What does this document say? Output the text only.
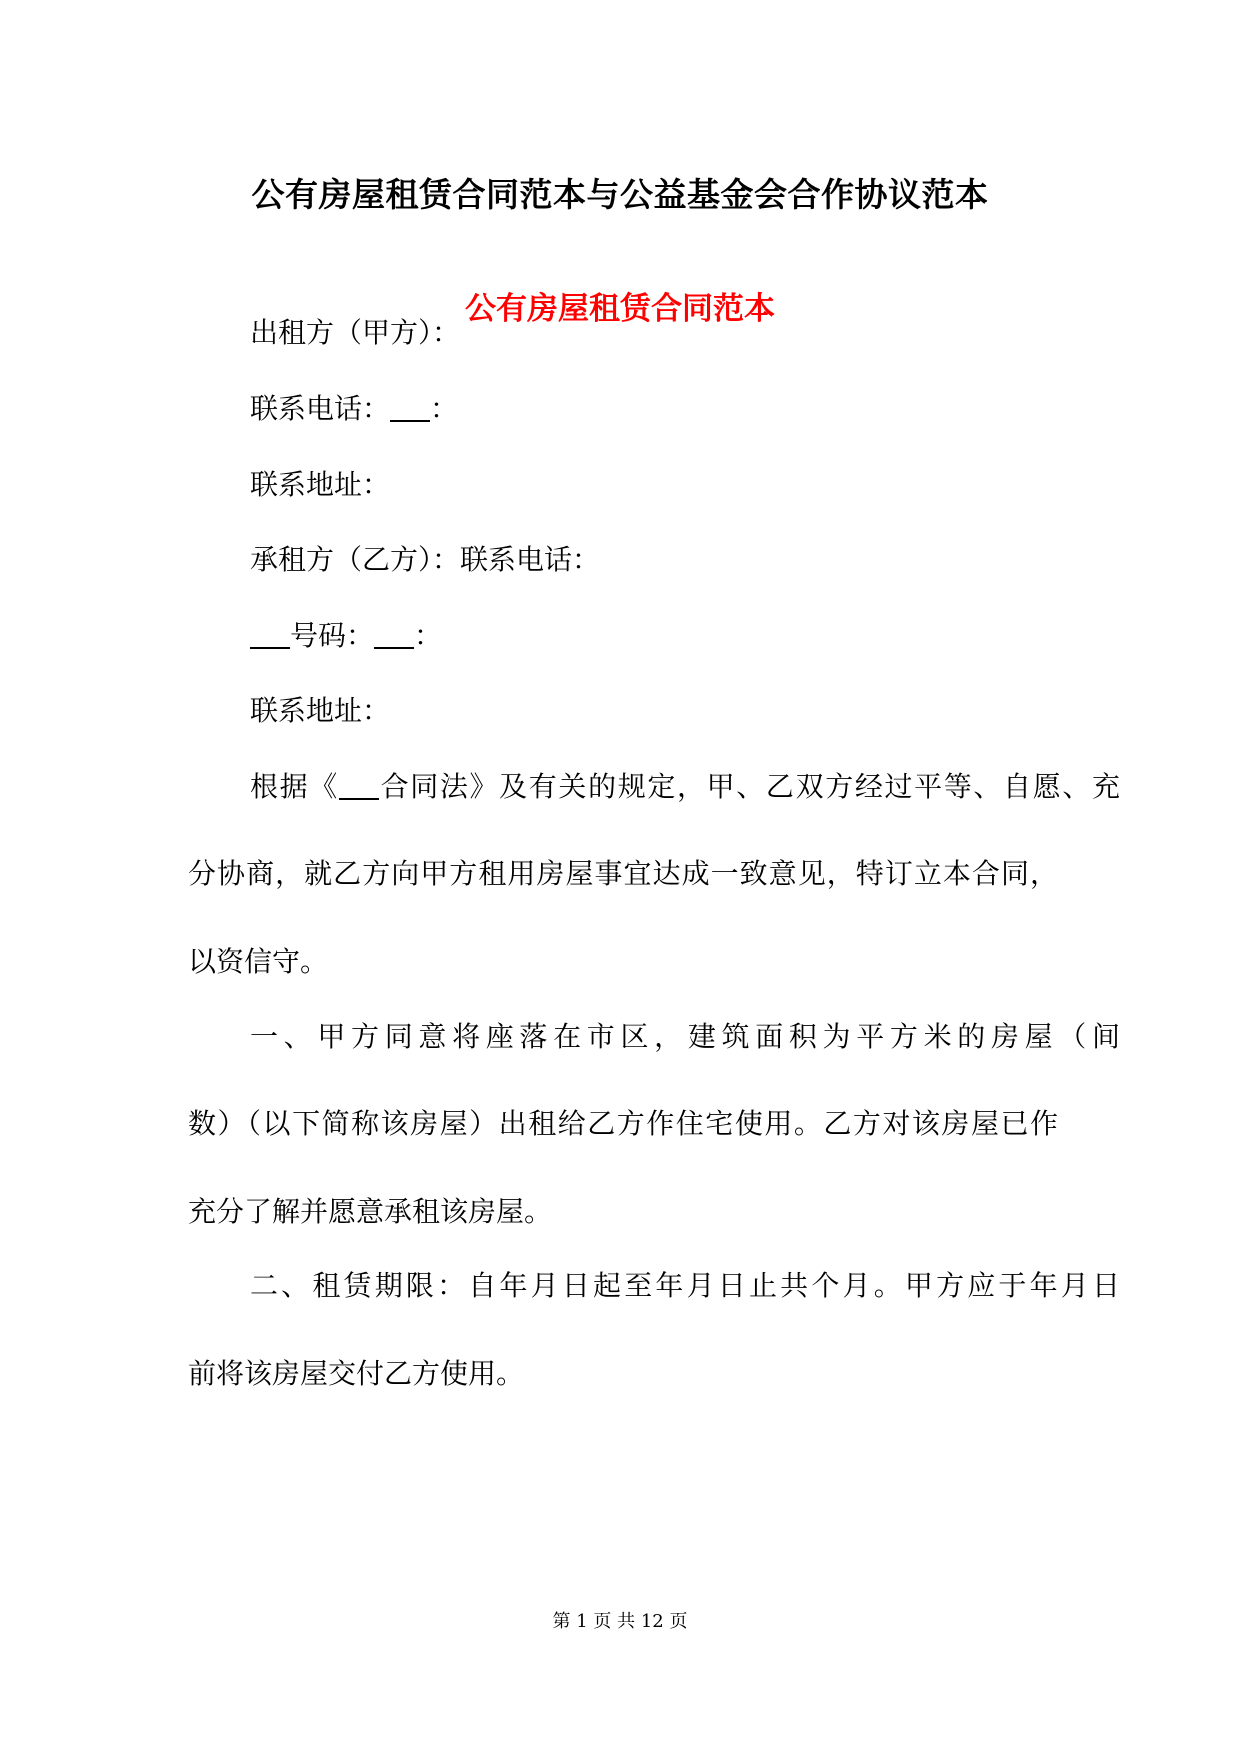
公有房屋租赁合同范本与公益基金会合作协议范本
公有房屋租赁合同范本

出租方（甲方）：

联系电话： ：

联系地址：

承租方（乙方）：联系电话：

号码： ：

联系地址：

根据《 合同法》及有关的规定，甲、乙双方经过平等、自愿、充

分协商，就乙方向甲方租用房屋事宜达成一致意见，特订立本合同，

以资信守。

一、甲方同意将座落在市区，建筑面积为平方米的房屋（间

数）（以下简称该房屋）出租给乙方作住宅使用。乙方对该房屋已作

充分了解并愿意承租该房屋。

二、租赁期限：自年月日起至年月日止共个月。甲方应于年月日

前将该房屋交付乙方使用。

第 1 页 共 12 页
